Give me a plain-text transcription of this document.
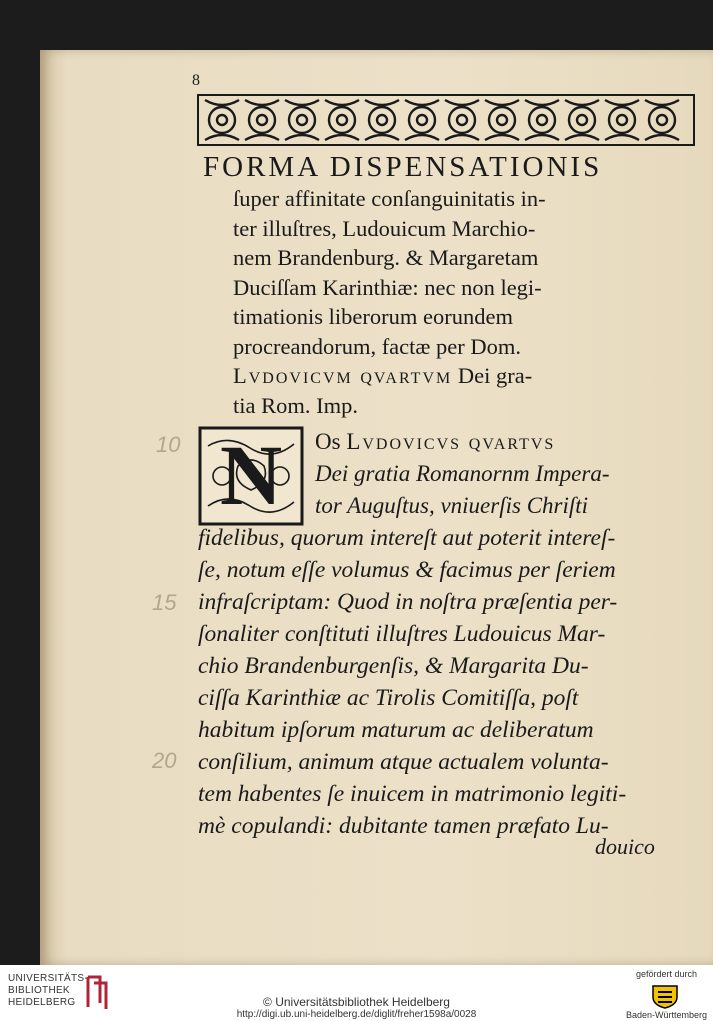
8
FORMA DISPENSATIONIS
ſuper affinitate conſanguinitatis in-
ter illuſtres, Ludouicum Marchio-
nem Brandenburg. & Margaretam
Duciſſam Karinthiæ: nec non legi-
timationis liberorum eorundem
procreandorum, factæ per Dom.
Lvdovicvm qvartvm Dei gra-
tia Rom. Imp.
10
15
20
N Os Lvdovicvs qvartvs
Dei gratia Romanornm Impera-
tor Auguſtus, vniuerſis Chriſti
fidelibus, quorum intereſt aut poterit intereſ-
ſe, notum eſſe volumus & facimus per ſeriem
infraſcriptam: Quod in noſtra præſentia per-
ſonaliter conſtituti illuſtres Ludouicus Mar-
chio Brandenburgenſis, & Margarita Du-
ciſſa Karinthiæ ac Tirolis Comitiſſa, poſt
habitum ipſorum maturum ac deliberatum
conſilium, animum atque actualem volunta-
tem habentes ſe inuicem in matrimonio legiti-
mè copulandi: dubitante tamen præfato Lu-
douico
UNIVERSITÄTS-
BIBLIOTHEK
HEIDELBERG	© Universitätsbibliothek Heidelberg
http://digi.ub.uni-heidelberg.de/diglit/freher1598a/0028
gefördert durch
Baden-Württemberg
